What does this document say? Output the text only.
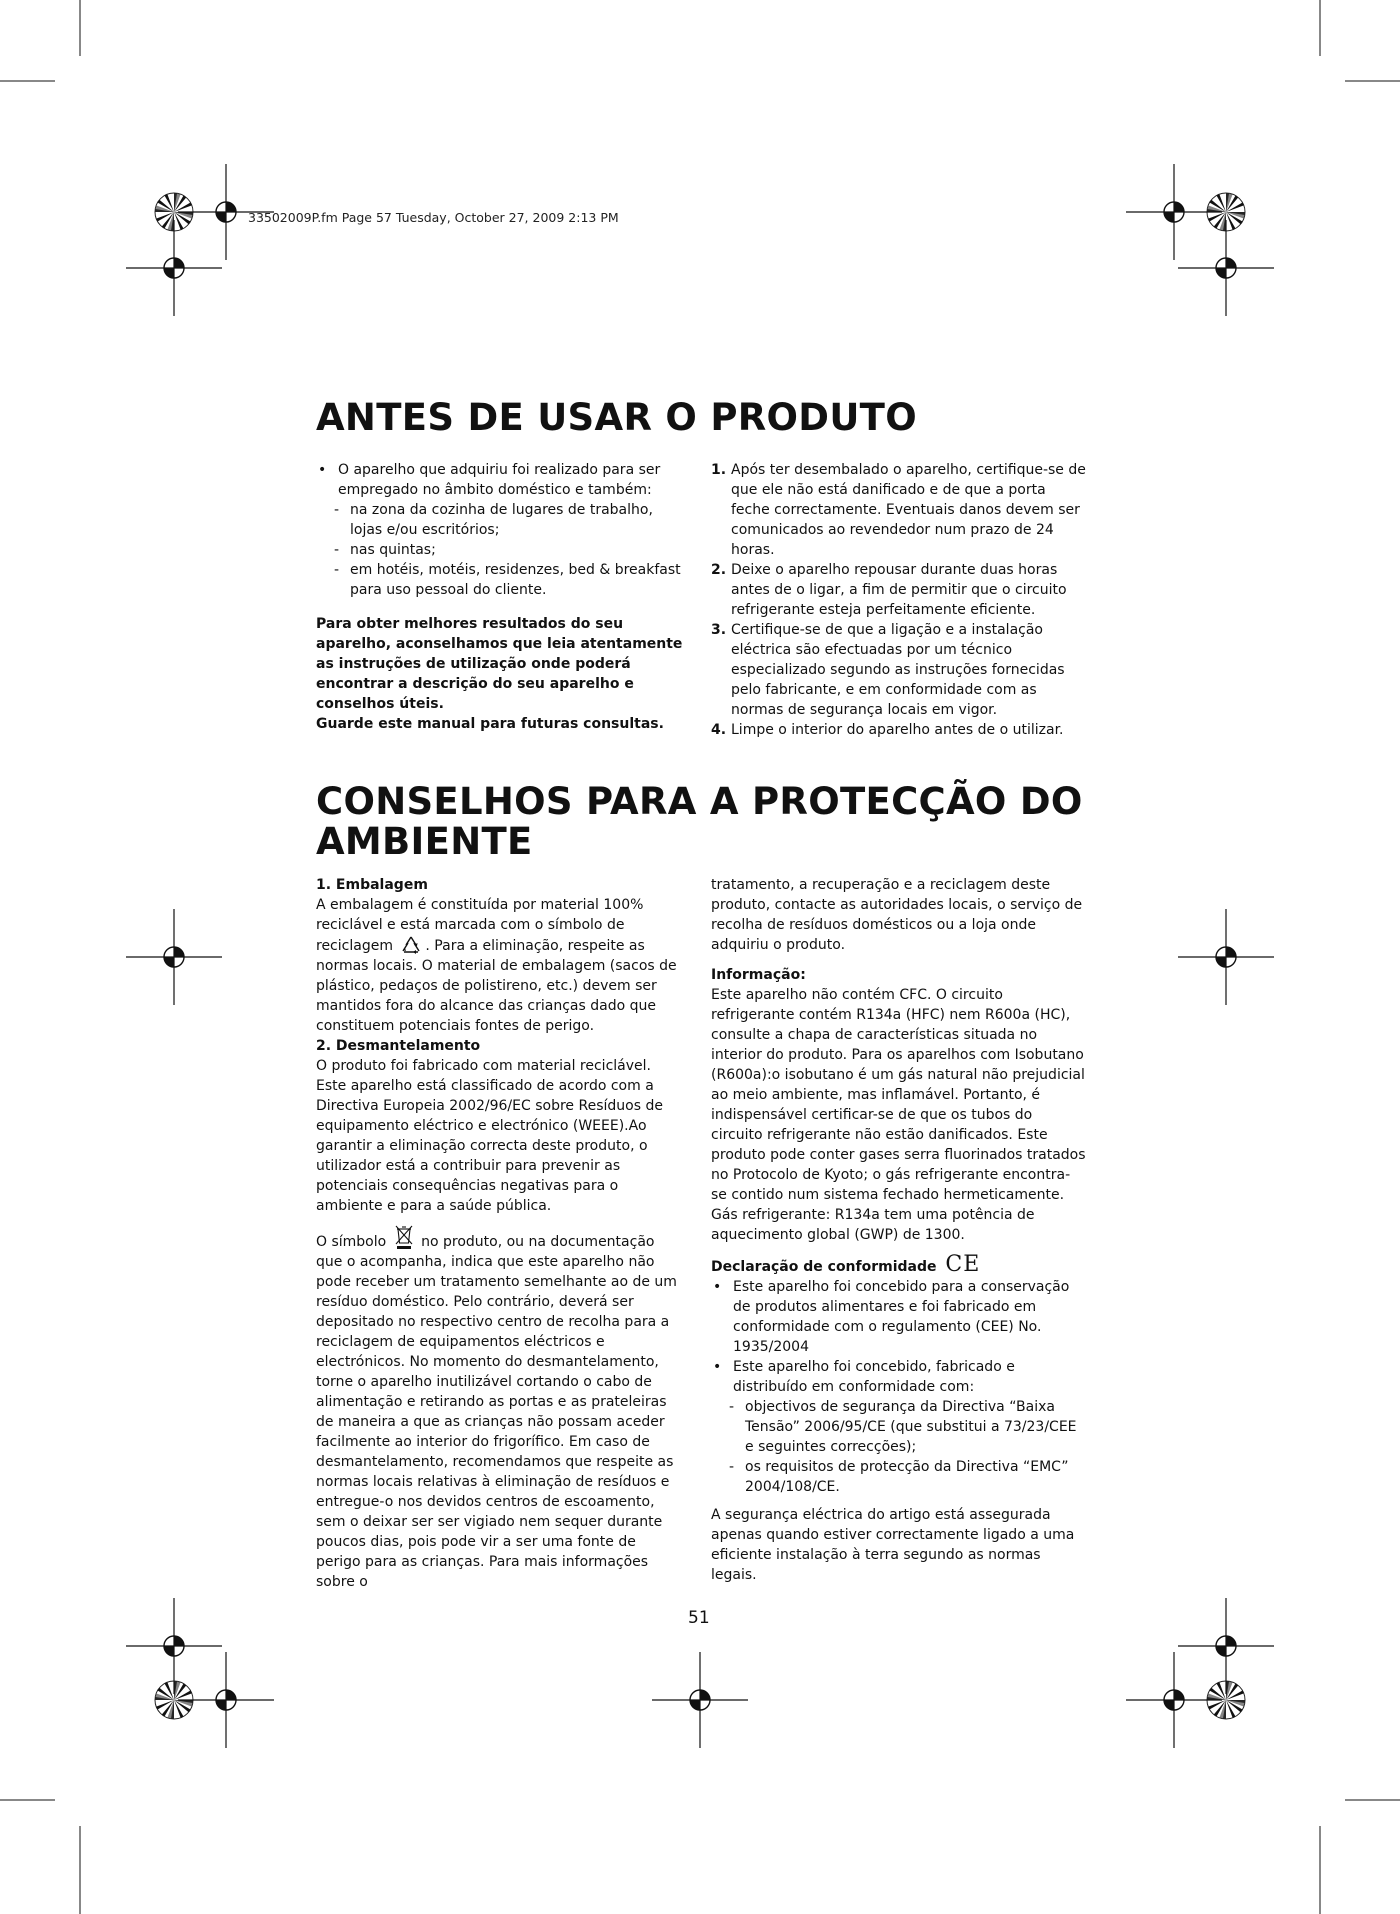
33502009P.fm Page 57 Tuesday, October 27, 2009 2:13 PM
ANTES DE USAR O PRODUTO

• O aparelho que adquiriu foi realizado para ser empregado no âmbito doméstico e também:

- na zona da cozinha de lugares de trabalho, lojas e/ou escritórios;

- nas quintas;

- em hotéis, motéis, residenzes, bed & breakfast para uso pessoal do cliente.

Para obter melhores resultados do seu aparelho, aconselhamos que leia atentamente as instruções de utilização onde poderá encontrar a descrição do seu aparelho e conselhos úteis.

Guarde este manual para futuras consultas.

1. Após ter desembalado o aparelho, certifique-se de que ele não está danificado e de que a porta feche correctamente. Eventuais danos devem ser comunicados ao revendedor num prazo de 24 horas.

2. Deixe o aparelho repousar durante duas horas antes de o ligar, a fim de permitir que o circuito refrigerante esteja perfeitamente eficiente.

3. Certifique-se de que a ligação e a instalação eléctrica são efectuadas por um técnico especializado segundo as instruções fornecidas pelo fabricante, e em conformidade com as normas de segurança locais em vigor.

4. Limpe o interior do aparelho antes de o utilizar.

CONSELHOS PARA A PROTECÇÃO DO
AMBIENTE

1. Embalagem

A embalagem é constituída por material 100% reciclável e está marcada com o símbolo de reciclagem . Para a eliminação, respeite as normas locais. O material de embalagem (sacos de plástico, pedaços de polistireno, etc.) devem ser mantidos fora do alcance das crianças dado que constituem potenciais fontes de perigo.

2. Desmantelamento

O produto foi fabricado com material reciclável. Este aparelho está classificado de acordo com a Directiva Europeia 2002/96/EC sobre Resíduos de equipamento eléctrico e electrónico (WEEE).Ao garantir a eliminação correcta deste produto, o utilizador está a contribuir para prevenir as potenciais consequências negativas para o ambiente e para a saúde pública.

O símbolo no produto, ou na documentação que o acompanha, indica que este aparelho não pode receber um tratamento semelhante ao de um resíduo doméstico. Pelo contrário, deverá ser depositado no respectivo centro de recolha para a reciclagem de equipamentos eléctricos e electrónicos. No momento do desmantelamento, torne o aparelho inutilizável cortando o cabo de alimentação e retirando as portas e as prateleiras de maneira a que as crianças não possam aceder facilmente ao interior do frigorífico. Em caso de desmantelamento, recomendamos que respeite as normas locais relativas à eliminação de resíduos e entregue-o nos devidos centros de escoamento, sem o deixar ser ser vigiado nem sequer durante poucos dias, pois pode vir a ser uma fonte de perigo para as crianças. Para mais informações sobre o

tratamento, a recuperação e a reciclagem deste produto, contacte as autoridades locais, o serviço de recolha de resíduos domésticos ou a loja onde adquiriu o produto.

Informação:

Este aparelho não contém CFC. O circuito refrigerante contém R134a (HFC) nem R600a (HC), consulte a chapa de características situada no interior do produto. Para os aparelhos com Isobutano (R600a):o isobutano é um gás natural não prejudicial ao meio ambiente, mas inflamável. Portanto, é indispensável certificar-se de que os tubos do circuito refrigerante não estão danificados. Este produto pode conter gases serra fluorinados tratados no Protocolo de Kyoto; o gás refrigerante encontra-se contido num sistema fechado hermeticamente. Gás refrigerante: R134a tem uma potência de aquecimento global (GWP) de 1300.

Declaração de conformidade CE

• Este aparelho foi concebido para a conservação de produtos alimentares e foi fabricado em conformidade com o regulamento (CEE) No. 1935/2004

• Este aparelho foi concebido, fabricado e distribuído em conformidade com:

- objectivos de segurança da Directiva “Baixa Tensão” 2006/95/CE (que substitui a 73/23/CEE e seguintes correcções);

- os requisitos de protecção da Directiva “EMC” 2004/108/CE.

A segurança eléctrica do artigo está assegurada apenas quando estiver correctamente ligado a uma eficiente instalação à terra segundo as normas legais.

51
